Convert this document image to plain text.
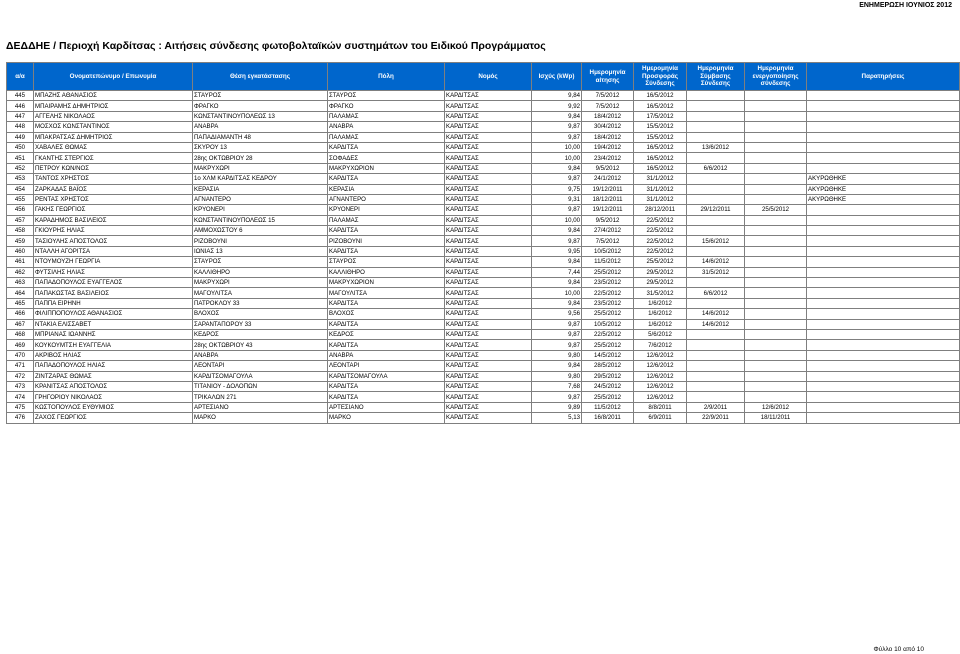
ΕΝΗΜΕΡΩΣΗ ΙΟΥΝΙΟΣ 2012
ΔΕΔΔΗΕ / Περιοχή Καρδίτσας : Αιτήσεις σύνδεσης φωτοβολταϊκών συστημάτων του Ειδικού Προγράμματος
α/α	Ονοματεπώνυμο / Επωνυμία	Θέση εγκατάστασης	Πόλη	Νομός	Ισχύς (kWp)	Ημερομηνία αίτησης	Ημερομηνία Προσφοράς Σύνδεσης	Ημερομηνία Σύμβασης Σύνδεσης	Ημερομηνία ενεργοποίησης σύνδεσης	Παρατηρήσεις
445	ΜΠΑΖΗΣ ΑΘΑΝΑΣΙΟΣ	ΣΤΑΥΡΟΣ	ΣΤΑΥΡΟΣ	ΚΑΡΔΙΤΣΑΣ	9,84	7/5/2012	16/5/2012			
446	ΜΠΑΙΡΑΜΗΣ ΔΗΜΗΤΡΙΟΣ	ΦΡΑΓΚΟ	ΦΡΑΓΚΟ	ΚΑΡΔΙΤΣΑΣ	9,92	7/5/2012	16/5/2012			
447	ΑΓΓΕΛΗΣ ΝΙΚΟΛΑΟΣ	ΚΩΝΣΤΑΝΤΙΝΟΥΠΟΛΕΩΣ 13	ΠΑΛΑΜΑΣ	ΚΑΡΔΙΤΣΑΣ	9,84	18/4/2012	17/5/2012			
448	ΜΟΣΧΟΣ ΚΩΝΣΤΑΝΤΙΝΟΣ	ΑΝΑΒΡΑ	ΑΝΑΒΡΑ	ΚΑΡΔΙΤΣΑΣ	9,87	30/4/2012	15/5/2012			
449	ΜΠΑΚΡΑΤΣΑΣ ΔΗΜΗΤΡΙΟΣ	ΠΑΠΑΔΙΑΜΑΝΤΗ 48	ΠΑΛΑΜΑΣ	ΚΑΡΔΙΤΣΑΣ	9,87	18/4/2012	15/5/2012			
450	ΧΑΒΑΛΕΣ ΘΩΜΑΣ	ΣΚΥΡΟΥ 13	ΚΑΡΔΙΤΣΑ	ΚΑΡΔΙΤΣΑΣ	10,00	19/4/2012	16/5/2012	13/6/2012		
451	ΓΚΑΝΤΗΣ ΣΤΕΡΓΙΟΣ	28ης ΟΚΤΩΒΡΙΟΥ 28	ΣΟΦΑΔΕΣ	ΚΑΡΔΙΤΣΑΣ	10,00	23/4/2012	16/5/2012			
452	ΠΕΤΡΟΥ ΚΩΝ/ΝΟΣ	ΜΑΚΡΥΧΩΡΙ	ΜΑΚΡΥΧΩΡΙΟΝ	ΚΑΡΔΙΤΣΑΣ	9,84	9/5/2012	16/5/2012	6/6/2012		
453	ΤΑΝΤΟΣ ΧΡΗΣΤΟΣ	1ο ΧΛΜ ΚΑΡΔΙΤΣΑΣ ΚΕΔΡΟΥ	ΚΑΡΔΙΤΣΑ	ΚΑΡΔΙΤΣΑΣ	9,87	24/1/2012	31/1/2012			ΑΚΥΡΩΘΗΚΕ
454	ΖΑΡΚΑΔΑΣ ΒΑΪΟΣ	ΚΕΡΑΣΙΑ	ΚΕΡΑΣΙΑ	ΚΑΡΔΙΤΣΑΣ	9,75	19/12/2011	31/1/2012			ΑΚΥΡΩΘΗΚΕ
455	ΡΕΝΤΑΣ ΧΡΗΣΤΟΣ	ΑΓΝΑΝΤΕΡΟ	ΑΓΝΑΝΤΕΡΟ	ΚΑΡΔΙΤΣΑΣ	9,31	18/12/2011	31/1/2012			ΑΚΥΡΩΘΗΚΕ
456	ΓΑΚΗΣ ΓΕΩΡΓΙΟΣ	ΚΡΥΟΝΕΡΙ	ΚΡΥΟΝΕΡΙ	ΚΑΡΔΙΤΣΑΣ	9,87	19/12/2011	28/12/2011	29/12/2011	25/5/2012	
457	ΚΑΡΑΔΗΜΟΣ ΒΑΣΙΛΕΙΟΣ	ΚΩΝΣΤΑΝΤΙΝΟΥΠΟΛΕΩΣ 15	ΠΑΛΑΜΑΣ	ΚΑΡΔΙΤΣΑΣ	10,00	9/5/2012	22/5/2012			
458	ΓΚΙΟΥΡΗΣ ΗΛΙΑΣ	ΑΜΜΟΧΩΣΤΟΥ 6	ΚΑΡΔΙΤΣΑ	ΚΑΡΔΙΤΣΑΣ	9,84	27/4/2012	22/5/2012			
459	ΤΑΣΙΟΥΛΗΣ ΑΠΟΣΤΟΛΟΣ	ΡΙΖΟΒΟΥΝΙ	ΡΙΖΟΒΟΥΝΙ	ΚΑΡΔΙΤΣΑΣ	9,87	7/5/2012	22/5/2012	15/6/2012		
460	ΝΤΑΛΛΗ ΑΓΟΡΙΤΣΑ	ΙΩΝΙΑΣ 13	ΚΑΡΔΙΤΣΑ	ΚΑΡΔΙΤΣΑΣ	9,95	10/5/2012	22/5/2012			
461	ΝΤΟΥΜΟΥΖΗ ΓΕΩΡΓΙΑ	ΣΤΑΥΡΟΣ	ΣΤΑΥΡΟΣ	ΚΑΡΔΙΤΣΑΣ	9,84	11/5/2012	25/5/2012	14/6/2012		
462	ΦΥΤΣΙΛΗΣ ΗΛΙΑΣ	ΚΑΛΛΙΘΗΡΟ	ΚΑΛΛΙΘΗΡΟ	ΚΑΡΔΙΤΣΑΣ	7,44	25/5/2012	29/5/2012	31/5/2012		
463	ΠΑΠΑΔΟΠΟΥΛΟΣ ΕΥΑΓΓΕΛΟΣ	ΜΑΚΡΥΧΩΡΙ	ΜΑΚΡΥΧΩΡΙΟΝ	ΚΑΡΔΙΤΣΑΣ	9,84	23/5/2012	29/5/2012			
464	ΠΑΠΑΚΩΣΤΑΣ ΒΑΣΙΛΕΙΟΣ	ΜΑΓΟΥΛΙΤΣΑ	ΜΑΓΟΥΛΙΤΣΑ	ΚΑΡΔΙΤΣΑΣ	10,00	22/5/2012	31/5/2012	6/6/2012		
465	ΠΑΠΠΑ ΕΙΡΗΝΗ	ΠΑΤΡΟΚΛΟΥ 33	ΚΑΡΔΙΤΣΑ	ΚΑΡΔΙΤΣΑΣ	9,84	23/5/2012	1/6/2012			
466	ΦΙΛΙΠΠΟΠΟΥΛΟΣ ΑΘΑΝΑΣΙΟΣ	ΒΛΟΧΟΣ	ΒΛΟΧΟΣ	ΚΑΡΔΙΤΣΑΣ	9,56	25/5/2012	1/6/2012	14/6/2012		
467	ΝΤΑΚΙΑ ΕΛΙΣΣΑΒΕΤ	ΣΑΡΑΝΤΑΠΟΡΟΥ 33	ΚΑΡΔΙΤΣΑ	ΚΑΡΔΙΤΣΑΣ	9,87	10/5/2012	1/6/2012	14/6/2012		
468	ΜΠΡΙΑΝΑΣ ΙΩΑΝΝΗΣ	ΚΕΔΡΟΣ	ΚΕΔΡΟΣ	ΚΑΡΔΙΤΣΑΣ	9,87	22/5/2012	5/6/2012			
469	ΚΟΥΚΟΥΜΤΣΗ ΕΥΑΓΓΕΛΙΑ	28ης ΟΚΤΩΒΡΙΟΥ 43	ΚΑΡΔΙΤΣΑ	ΚΑΡΔΙΤΣΑΣ	9,87	25/5/2012	7/6/2012			
470	ΑΚΡΙΒΟΣ ΗΛΙΑΣ	ΑΝΑΒΡΑ	ΑΝΑΒΡΑ	ΚΑΡΔΙΤΣΑΣ	9,80	14/5/2012	12/6/2012			
471	ΠΑΠΑΔΟΠΟΥΛΟΣ ΗΛΙΑΣ	ΛΕΟΝΤΑΡΙ	ΛΕΟΝΤΑΡΙ	ΚΑΡΔΙΤΣΑΣ	9,84	28/5/2012	12/6/2012			
472	ΖΙΝΤΖΑΡΑΣ ΘΩΜΑΣ	ΚΑΡΔΙΤΣΟΜΑΓΟΥΛΑ	ΚΑΡΔΙΤΣΟΜΑΓΟΥΛΑ	ΚΑΡΔΙΤΣΑΣ	9,80	29/5/2012	12/6/2012			
473	ΚΡΑΝΙΤΣΑΣ ΑΠΟΣΤΟΛΟΣ	ΤΙΤΑΝΙΟΥ - ΔΟΛΟΠΩΝ	ΚΑΡΔΙΤΣΑ	ΚΑΡΔΙΤΣΑΣ	7,68	24/5/2012	12/6/2012			
474	ΓΡΗΓΟΡΙΟΥ ΝΙΚΟΛΑΟΣ	ΤΡΙΚΑΛΩΝ 271	ΚΑΡΔΙΤΣΑ	ΚΑΡΔΙΤΣΑΣ	9,87	25/5/2012	12/6/2012			
475	ΚΩΣΤΟΠΟΥΛΟΣ ΕΥΘΥΜΙΟΣ	ΑΡΤΕΣΙΑΝΟ	ΑΡΤΕΣΙΑΝΟ	ΚΑΡΔΙΤΣΑΣ	9,89	11/5/2012	8/8/2011	2/9/2011	12/6/2012	
476	ΖΑΧΟΣ ΓΕΩΡΓΙΟΣ	ΜΑΡΚΟ	ΜΑΡΚΟ	ΚΑΡΔΙΤΣΑΣ	5,13	16/8/2011	6/9/2011	22/9/2011	18/11/2011	
Φύλλο 10 από 10
